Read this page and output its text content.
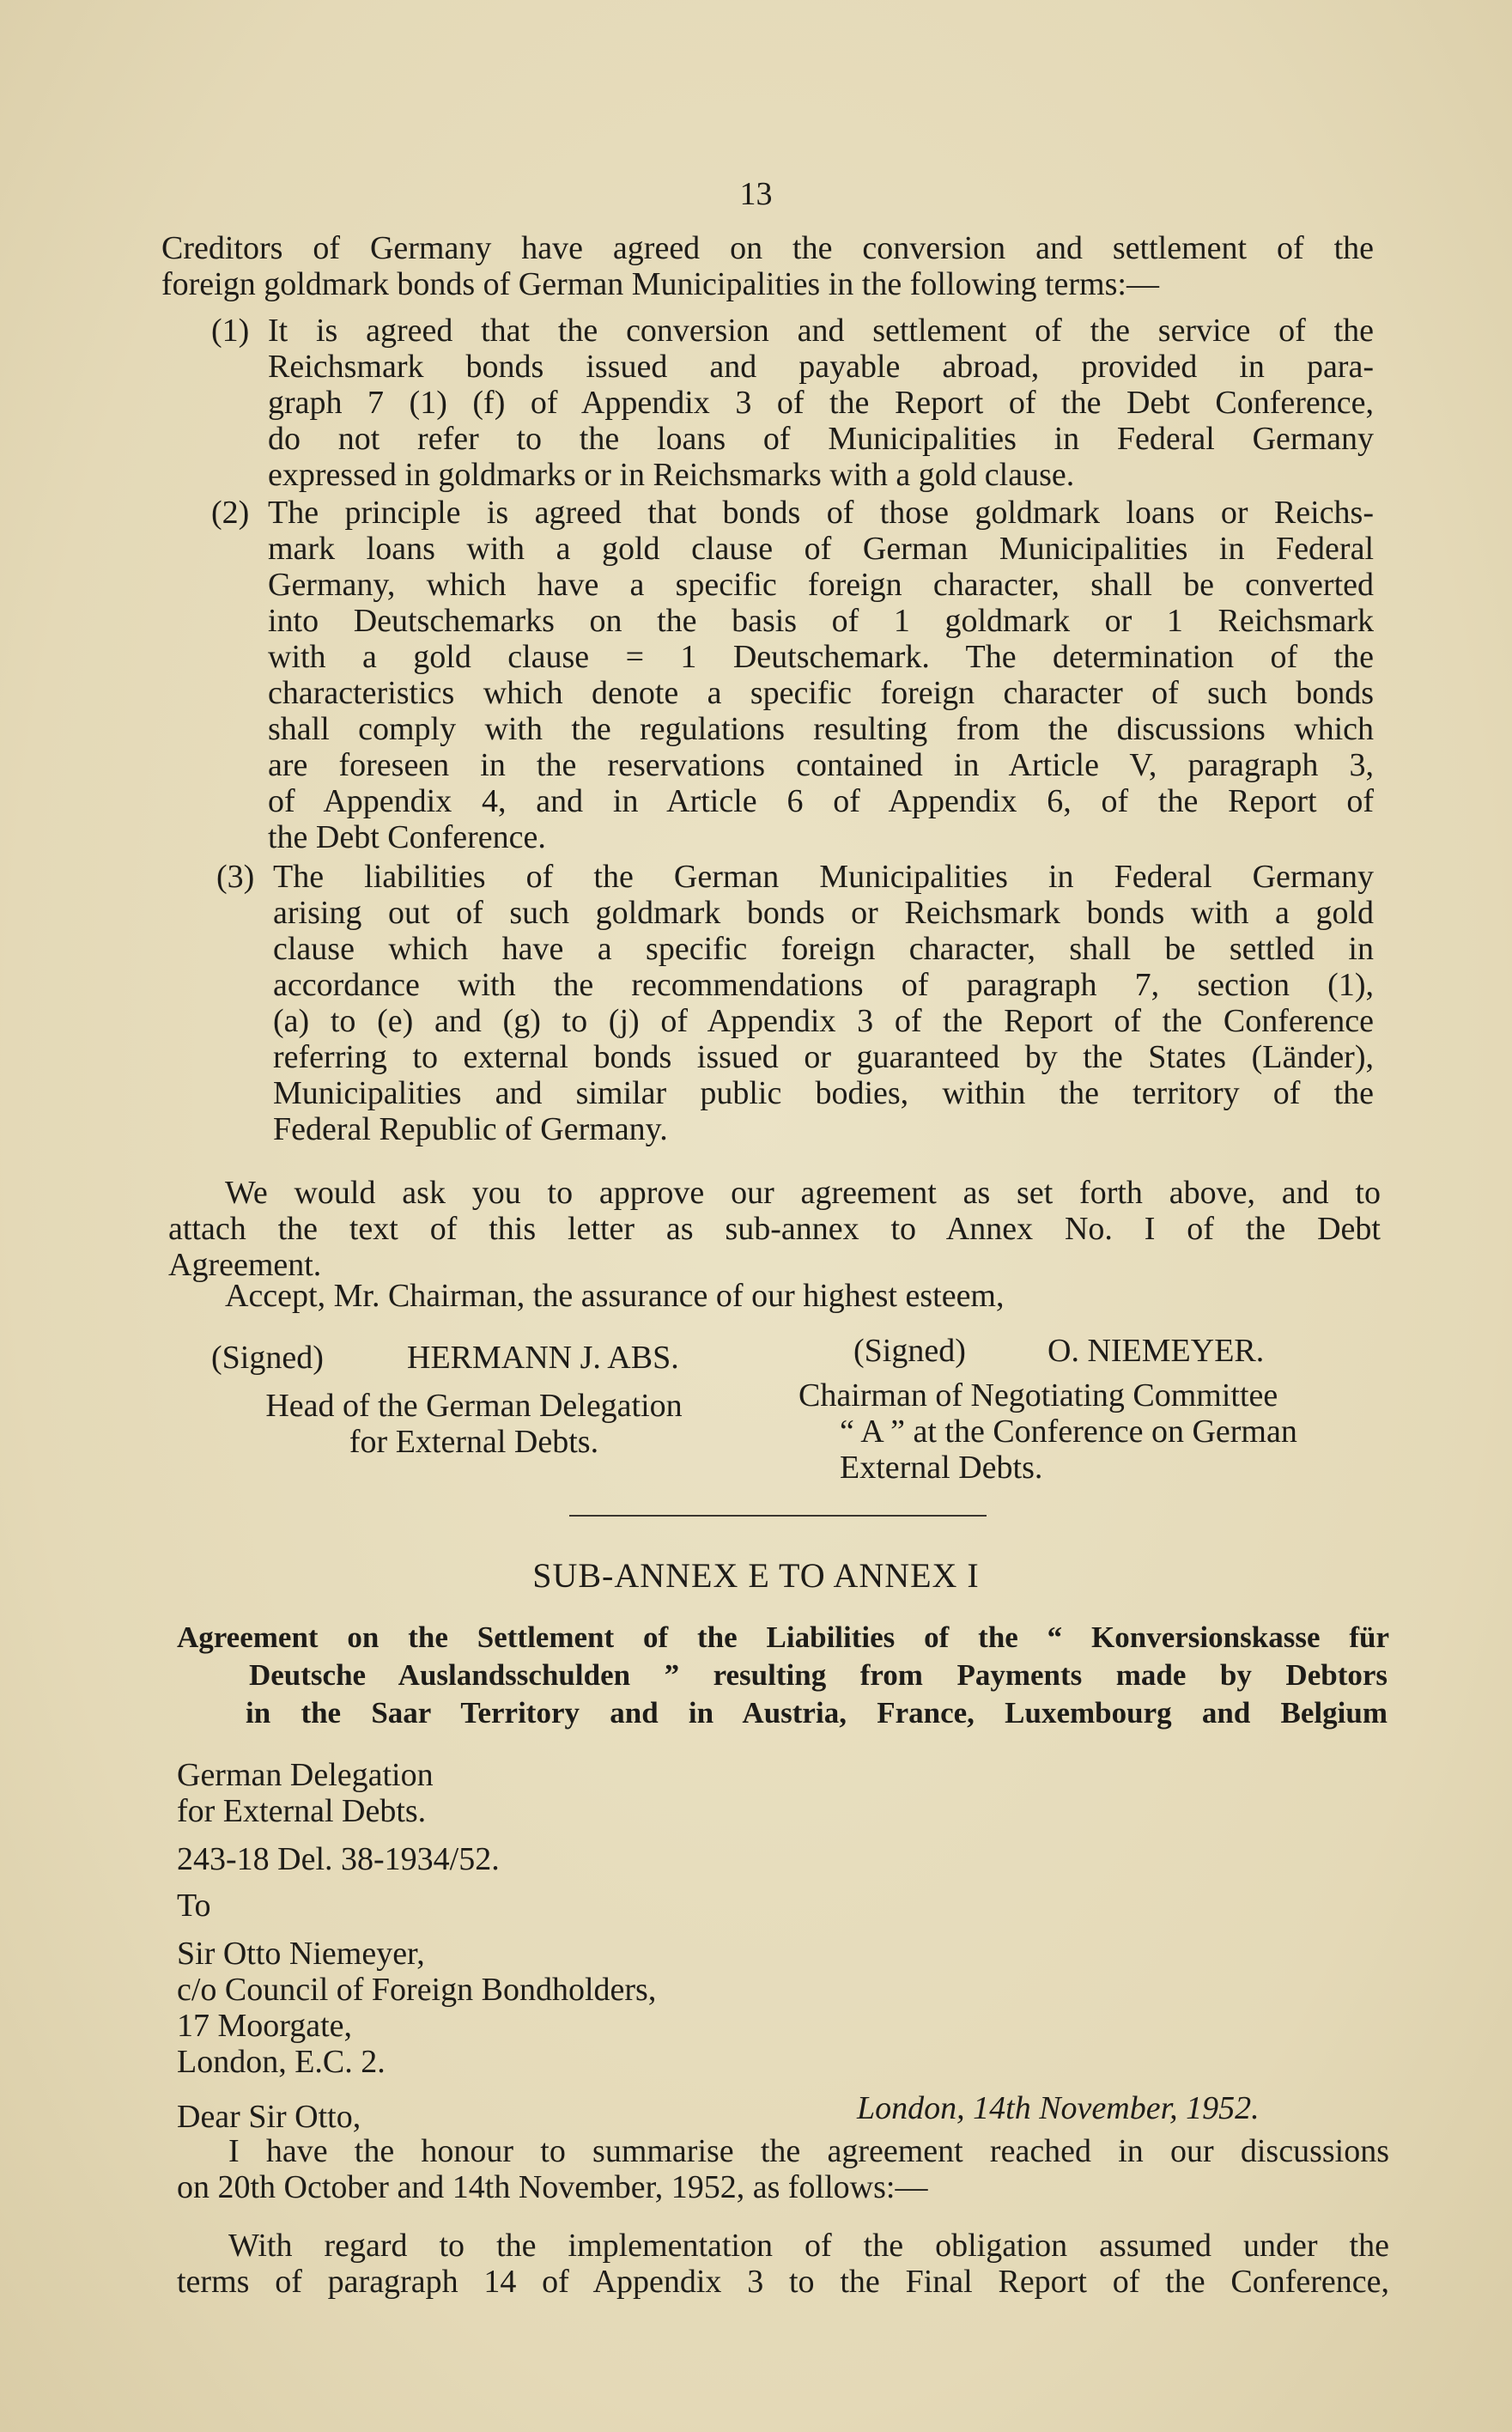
13
Creditors of Germany have agreed on the conversion and settlement of the
foreign goldmark bonds of German Municipalities in the following terms:—
(1) It is agreed that the conversion and settlement of the service of the
Reichsmark bonds issued and payable abroad, provided in para-
graph 7 (1) (f) of Appendix 3 of the Report of the Debt Conference,
do not refer to the loans of Municipalities in Federal Germany
expressed in goldmarks or in Reichsmarks with a gold clause.
(2) The principle is agreed that bonds of those goldmark loans or Reichs-
mark loans with a gold clause of German Municipalities in Federal
Germany, which have a specific foreign character, shall be converted
into Deutschemarks on the basis of 1 goldmark or 1 Reichsmark
with a gold clause = 1 Deutschemark. The determination of the
characteristics which denote a specific foreign character of such bonds
shall comply with the regulations resulting from the discussions which
are foreseen in the reservations contained in Article V, paragraph 3,
of Appendix 4, and in Article 6 of Appendix 6, of the Report of
the Debt Conference.
(3) The liabilities of the German Municipalities in Federal Germany
arising out of such goldmark bonds or Reichsmark bonds with a gold
clause which have a specific foreign character, shall be settled in
accordance with the recommendations of paragraph 7, section (1),
(a) to (e) and (g) to (j) of Appendix 3 of the Report of the Conference
referring to external bonds issued or guaranteed by the States (Länder),
Municipalities and similar public bodies, within the territory of the
Federal Republic of Germany.
We would ask you to approve our agreement as set forth above, and to
attach the text of this letter as sub-annex to Annex No. I of the Debt
Agreement.
Accept, Mr. Chairman, the assurance of our highest esteem,
(Signed)	HERMANN J. ABS.
Head of the German Delegation
for External Debts.
(Signed)	O. NIEMEYER.
Chairman of Negotiating Committee
“ A ” at the Conference on German
External Debts.
SUB-ANNEX E TO ANNEX I
Agreement on the Settlement of the Liabilities of the “ Konversionskasse für
Deutsche Auslandsschulden ” resulting from Payments made by Debtors
in the Saar Territory and in Austria, France, Luxembourg and Belgium
German Delegation
for External Debts.
243-18 Del. 38-1934/52.
To
Sir Otto Niemeyer,
c/o Council of Foreign Bondholders,
17 Moorgate,
London, E.C. 2.
Dear Sir Otto,	London, 14th November, 1952.
I have the honour to summarise the agreement reached in our discussions
on 20th October and 14th November, 1952, as follows:—
With regard to the implementation of the obligation assumed under the
terms of paragraph 14 of Appendix 3 to the Final Report of the Conference,
